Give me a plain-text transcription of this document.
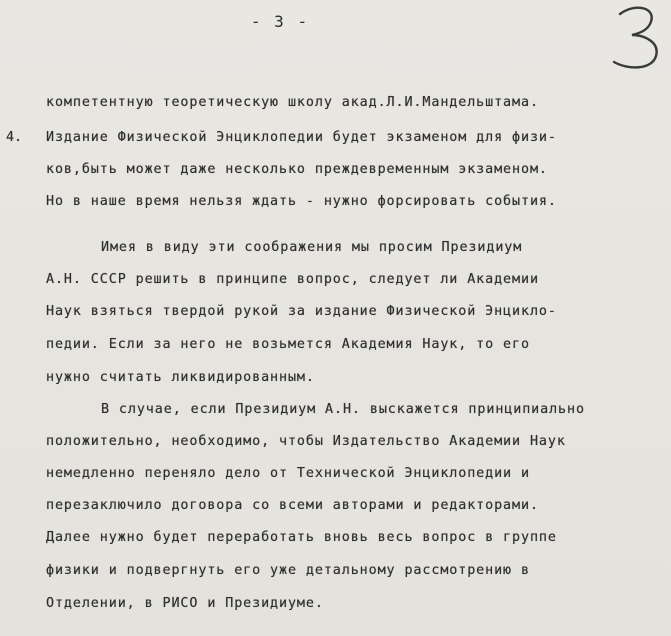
- 3 -
компетентную теоретическую школу акад.Л.И.Мандельштама.
4. Издание Физической Энциклопедии будет экзаменом для физи-
ков,быть может даже несколько преждевременным экзаменом.
Но в наше время нельзя ждать - нужно форсировать события.
Имея в виду эти соображения мы просим Президиум
А.Н. СССР решить в принципе вопрос, следует ли Академии
Наук взяться твердой рукой за издание Физической Энцикло-
педии. Если за него не возьмется Академия Наук, то его
нужно считать ликвидированным.
В случае, если Президиум А.Н. выскажется принципиально
положительно, необходимо, чтобы Издательство Академии Наук
немедленно перенялo дело от Технической Энциклопедии и
перезаключило договора со всеми авторами и редакторами.
Далее нужно будет переработать вновь весь вопрос в группе
физики и подвергнуть его уже детальному рассмотрению в
Отделении, в РИСО и Президиуме.
